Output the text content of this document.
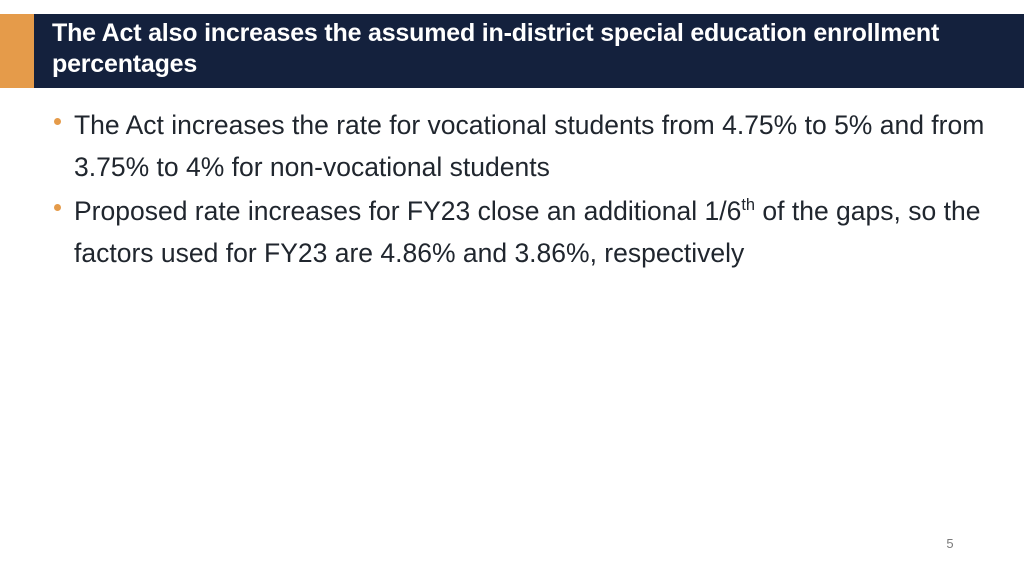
The Act also increases the assumed in-district special education enrollment percentages
The Act increases the rate for vocational students from 4.75% to 5% and from 3.75% to 4% for non-vocational students
Proposed rate increases for FY23 close an additional 1/6th of the gaps, so the factors used for FY23 are 4.86% and 3.86%, respectively
5
